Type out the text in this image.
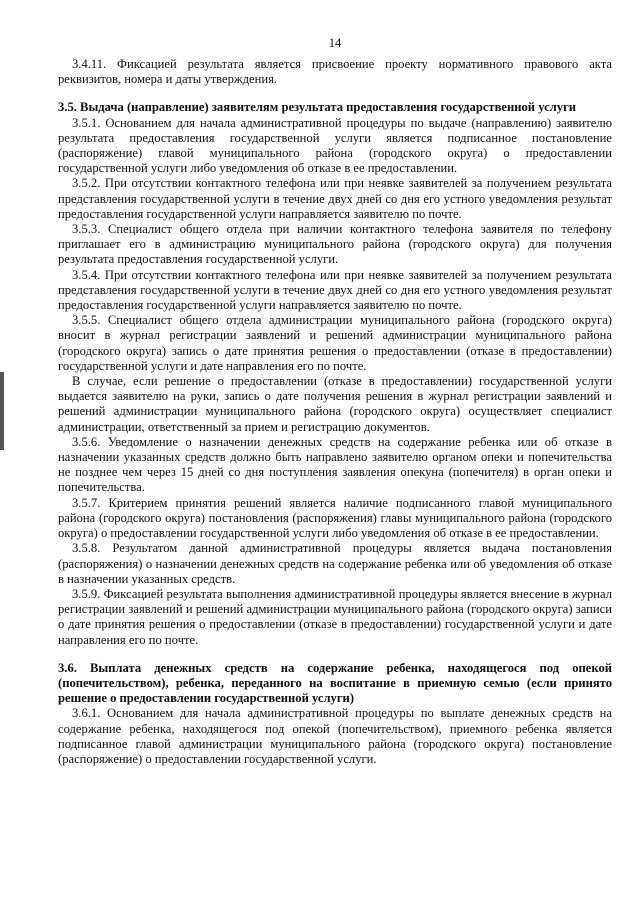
14

3.4.11. Фиксацией результата является присвоение проекту нормативного правового акта реквизитов, номера и даты утверждения.

3.5. Выдача (направление) заявителям результата предоставления государственной услуги

3.5.1. Основанием для начала административной процедуры по выдаче (направлению) заявителю результата предоставления государственной услуги является подписанное постановление (распоряжение) главой муниципального района (городского округа) о предоставлении государственной услуги либо уведомления об отказе в ее предоставлении.

3.5.2. При отсутствии контактного телефона или при неявке заявителей за получением результата представления государственной услуги в течение двух дней со дня его устного уведомления результат предоставления государственной услуги направляется заявителю по почте.

3.5.3. Специалист общего отдела при наличии контактного телефона заявителя по телефону приглашает его в администрацию муниципального района (городского округа) для получения результата предоставления государственной услуги.

3.5.4. При отсутствии контактного телефона или при неявке заявителей за получением результата представления государственной услуги в течение двух дней со дня его устного уведомления результат предоставления государственной услуги направляется заявителю по почте.

3.5.5. Специалист общего отдела администрации муниципального района (городского округа) вносит в журнал регистрации заявлений и решений администрации муниципального района (городского округа) запись о дате принятия решения о предоставлении (отказе в предоставлении) государственной услуги и дате направления его по почте.

В случае, если решение о предоставлении (отказе в предоставлении) государственной услуги выдается заявителю на руки, запись о дате получения решения в журнал регистрации заявлений и решений администрации муниципального района (городского округа) осуществляет специалист администрации, ответственный за прием и регистрацию документов.

3.5.6. Уведомление о назначении денежных средств на содержание ребенка или об отказе в назначении указанных средств должно быть направлено заявителю органом опеки и попечительства не позднее чем через 15 дней со дня поступления заявления опекуна (попечителя) в орган опеки и попечительства.

3.5.7. Критерием принятия решений является наличие подписанного главой муниципального района (городского округа) постановления (распоряжения) главы муниципального района (городского округа) о предоставлении государственной услуги либо уведомления об отказе в ее предоставлении.

3.5.8. Результатом данной административной процедуры является выдача постановления (распоряжения) о назначении денежных средств на содержание ребенка или об уведомления об отказе в назначении указанных средств.

3.5.9. Фиксацией результата выполнения административной процедуры является внесение в журнал регистрации заявлений и решений администрации муниципального района (городского округа) записи о дате принятия решения о предоставлении (отказе в предоставлении) государственной услуги и дате направления его по почте.

3.6. Выплата денежных средств на содержание ребенка, находящегося под опекой (попечительством), ребенка, переданного на воспитание в приемную семью (если принято решение о предоставлении государственной услуги)

3.6.1. Основанием для начала административной процедуры по выплате денежных средств на содержание ребенка, находящегося под опекой (попечительством), приемного ребенка является подписанное главой администрации муниципального района (городского округа) постановление (распоряжение) о предоставлении государственной услуги.
